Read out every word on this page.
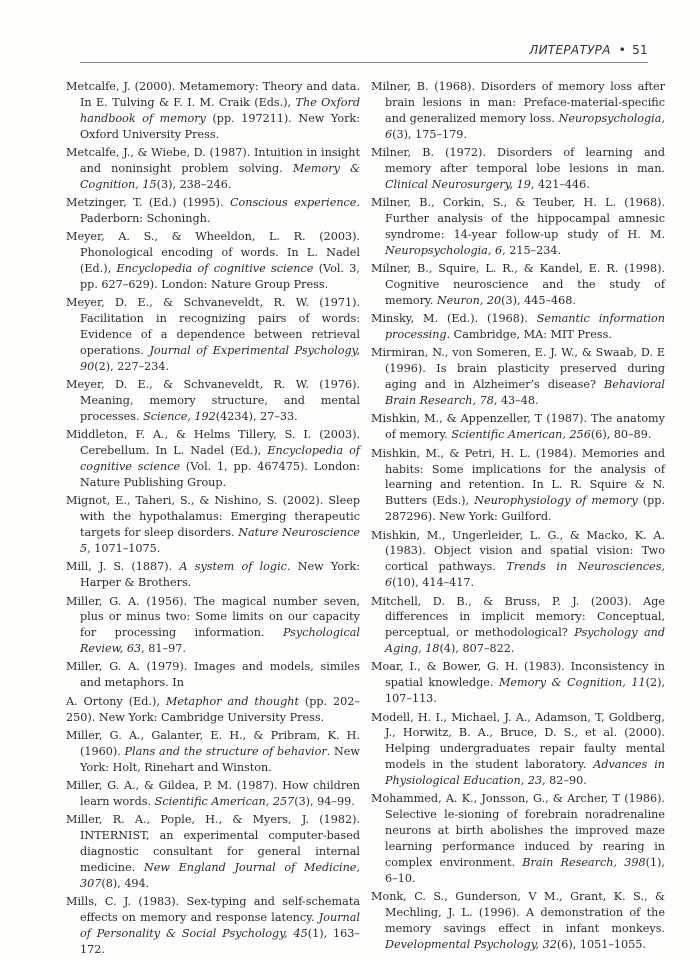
ЛИТЕРАТУРА • 51

Metcalfe, J. (2000). Metamemory: Theory and data. In E. Tulving & F. I. M. Craik (Eds.), The Oxford handbook of memory (pp. 197211). New York: Oxford University Press.

Metcalfe, J., & Wiebe, D. (1987). Intuition in insight and noninsight problem solving. Memory & Cognition, 15(3), 238–246.

Metzinger, T. (Ed.) (1995). Conscious experience. Paderborn: Schoningh.

Meyer, A. S., & Wheeldon, L. R. (2003). Phonological encoding of words. In L. Nadel (Ed.), Encyclopedia of cognitive science (Vol. 3, pp. 627–629). London: Nature Group Press.

Meyer, D. E., & Schvaneveldt, R. W. (1971). Facilitation in recognizing pairs of words: Evidence of a dependence between retrieval operations. Journal of Experimental Psychology, 90(2), 227–234.

Meyer, D. E., & Schvaneveldt, R. W. (1976). Meaning, memory structure, and mental processes. Science, 192(4234), 27–33.

Middleton, F. A., & Helms Tillery, S. I. (2003). Cerebellum. In L. Nadel (Ed.), Encyclopedia of cognitive science (Vol. 1, pp. 467475). London: Nature Publishing Group.

Mignot, E., Taheri, S., & Nishino, S. (2002). Sleep with the hypothalamus: Emerging therapeutic targets for sleep disorders. Nature Neuroscience 5, 1071–1075.

Mill, J. S. (1887). A system of logic. New York: Harper & Brothers.

Miller, G. A. (1956). The magical number seven, plus or minus two: Some limits on our capacity for processing information. Psychological Review, 63, 81–97.

Miller, G. A. (1979). Images and models, similes and metaphors. In

A. Ortony (Ed.), Metaphor and thought (pp. 202–250). New York: Cambridge University Press.

Miller, G. A., Galanter, E. H., & Pribram, K. H. (1960). Plans and the structure of behavior. New York: Holt, Rinehart and Winston.

Miller, G. A., & Gildea, P. M. (1987). How children learn words. Scientific American, 257(3), 94–99.

Miller, R. A., Pople, H., & Myers, J. (1982). INTERNIST, an experimental computer-based diagnostic consultant for general internal medicine. New England Journal of Medicine, 307(8), 494.

Mills, C. J. (1983). Sex-typing and self-schemata effects on memory and response latency. Journal of Personality & Social Psychology, 45(1), 163–172.

Milner, B. (1968). Disorders of memory loss after brain lesions in man: Preface-material-specific and generalized memory loss. Neuropsychologia, 6(3), 175–179.

Milner, B. (1972). Disorders of learning and memory after temporal lobe lesions in man. Clinical Neurosurgery, 19, 421–446.

Milner, B., Corkin, S., & Teuber, H. L. (1968). Further analysis of the hippocampal amnesic syndrome: 14-year follow-up study of H. M. Neuropsychologia, 6, 215–234.

Milner, B., Squire, L. R., & Kandel, E. R. (1998). Cognitive neuroscience and the study of memory. Neuron, 20(3), 445–468.

Minsky, M. (Ed.). (1968). Semantic information processing. Cambridge, MA: MIT Press.

Mirmiran, N., von Someren, E. J. W., & Swaab, D. E (1996). Is brain plasticity preserved during aging and in Alzheimer’s disease? Behavioral Brain Research, 78, 43–48.

Mishkin, M., & Appenzeller, T (1987). The anatomy of memory. Scientific American, 256(6), 80–89.

Mishkin, M., & Petri, H. L. (1984). Memories and habits: Some implications for the analysis of learning and retention. In L. R. Squire & N. Butters (Eds.), Neurophysiology of memory (pp. 287296). New York: Guilford.

Mishkin, M., Ungerleider, L. G., & Macko, K. A. (1983). Object vision and spatial vision: Two cortical pathways. Trends in Neurosciences, 6(10), 414–417.

Mitchell, D. B., & Bruss, P. J. (2003). Age differences in implicit memory: Conceptual, perceptual, or methodological? Psychology and Aging, 18(4), 807–822.

Moar, I., & Bower, G. H. (1983). Inconsistency in spatial knowledge. Memory & Cognition, 11(2), 107–113.

Modell, H. I., Michael, J. A., Adamson, T, Goldberg, J., Horwitz, B. A., Bruce, D. S., et al. (2000). Helping undergraduates repair faulty mental models in the student laboratory. Advances in Physiological Education, 23, 82–90.

Mohammed, A. K., Jonsson, G., & Archer, T (1986). Selective le-sioning of forebrain noradrenaline neurons at birth abolishes the improved maze learning performance induced by rearing in complex environment. Brain Research, 398(1), 6–10.

Monk, C. S., Gunderson, V M., Grant, K. S., & Mechling, J. L. (1996). A demonstration of the memory savings effect in infant monkeys. Developmental Psychology, 32(6), 1051–1055.
